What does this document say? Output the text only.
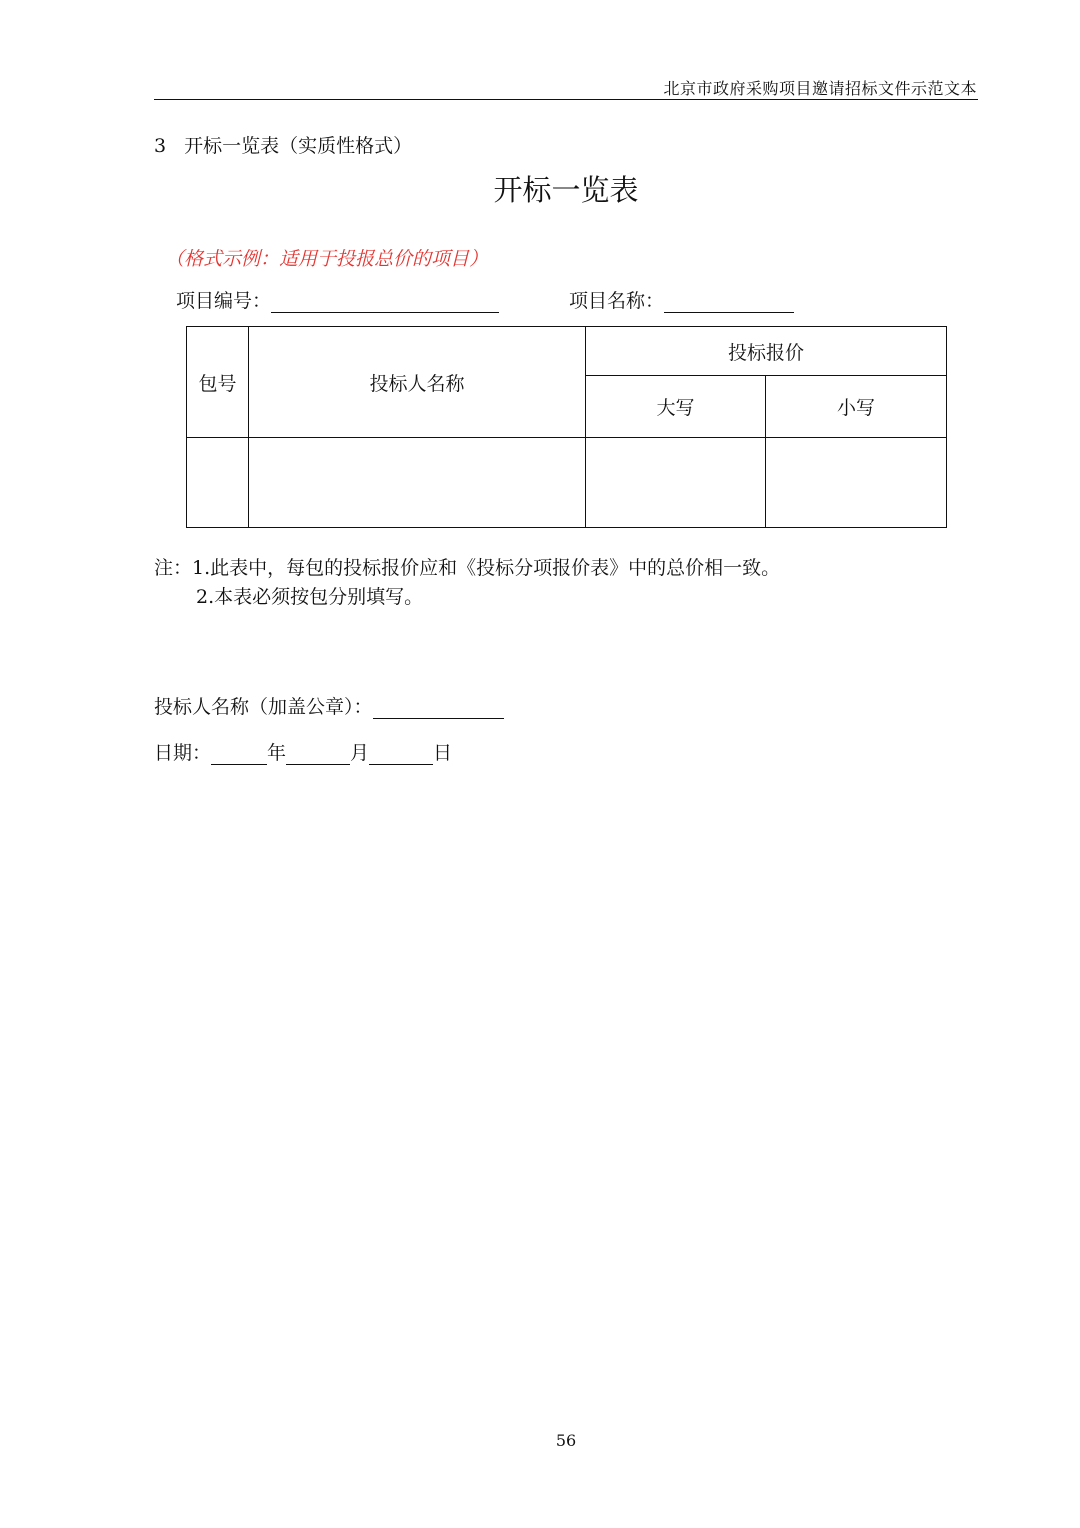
北京市政府采购项目邀请招标文件示范文本
3 开标一览表（实质性格式）
开标一览表
（格式示例：适用于投报总价的项目）
项目编号：	项目名称：
包号	投标人名称	投标报价	
		大写	小写

注：1.此表中，每包的投标报价应和《投标分项报价表》中的总价相一致。
2.本表必须按包分别填写。
投标人名称（加盖公章）：
日期：	年	月	日
56
